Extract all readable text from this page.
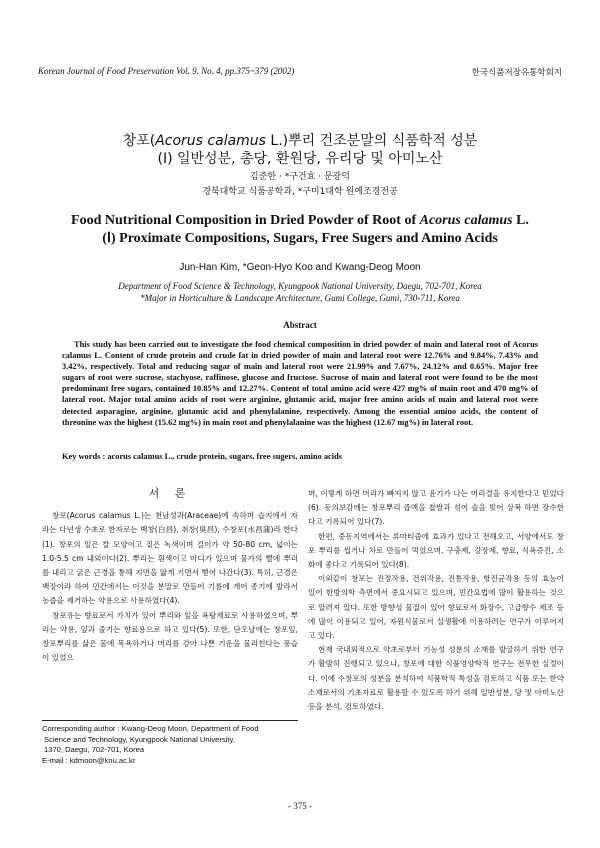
Korean Journal of Food Preservation Vol. 9. No. 4, pp.375~379 (2002)	한국식품저장유통학회지
창포(Acorus calamus L.)뿌리 건조분말의 식품학적 성분
(Ⅰ) 일반성분, 총당, 환원당, 유리당 및 아미노산
김준한 · *구건효 · 문광덕
경북대학교 식품공학과, *구미1대학 원예조경전공
Food Nutritional Composition in Dried Powder of Root of Acorus calamus L.
(Ⅰ) Proximate Compositions, Sugars, Free Sugers and Amino Acids
Jun-Han Kim, *Geon-Hyo Koo and Kwang-Deog Moon
Department of Food Science & Technology, Kyungpook National University, Daegu, 702-701, Korea
*Major in Horticulture & Landscape Architecture, Gumi College, Gumi, 730-711, Korea
Abstract
This study has been carried out to investigate the food chemical composition in dried powder of main and lateral root of Acorus calamus L. Content of crude protein and crude fat in dried powder of main and lateral root were 12.76% and 9.84%, 7.43% and 3.42%, respectively. Total and reducing sugar of main and lateral root were 21.99% and 7.67%, 24.12% and 0.65%. Major free sugars of root were sucrose, stachyose, raffinose, glucose and fructose. Sucrose of main and lateral root were found to be the most predominant free sugars, contained 10.85% and 12.27%. Content of total amino acid were 427 mg% of main root and 470 mg% of lateral root. Major total amino acids of root were arginine, glutamic acid, major free amino acids of main and lateral root were detected asparagine, arginine, glutamic acid and phenylalanine, respectively. Among the essential amino acids, the content of threonine was the highest (15.62 mg%) in main root and phenylalanine was the highest (12.67 mg%) in lateral root.
Key words : acorus calamus L., crude protein, sugars, free sugers, amino acids
서 론

창포(Acorus calamus L.)는 천남성과(Araceae)에 속하며 습지에서 자라는 다년생 수초로 한자로는 백창(白昌), 취창(臭昌), 수창포(水昌蒲)라 한다(1). 창포의 잎은 칼 모양이고 짙은 녹색이며 길이가 약 50-80 cm, 넓이는 1.0-5.5 cm 내외이다(2). 뿌리는 흰색이고 마디가 있으며 물가의 뻘에 뿌리를 내리고 굵은 근경을 통해 지면을 앓게 기면서 뻗어 나간다(3). 특히, 근경은 백장이라 하여 민간에서는 이것을 분말로 만들어 기름에 개어 종기에 발라서 농즙을 제거하는 약용으로 사용하였다(4).

창포유는 향료로서 가치가 있어 뿌리와 잎을 욕탕재료로 사용하였으며, 뿌리는 약용, 잎과 줄기는 향료용으로 하고 있다(5). 또한, 단오날에는 창포잎, 창포뿌리를 삶은 물에 목욕하거나 머리를 감아 나쁜 기운을 물리친다는 풍습이 있었으

Corresponding author : Kwang-Deog Moon, Department of Food
Science and Technology, Kyungpook National University,
1370, Daegu, 702-701, Korea
E-mail : kdmoon@knu.ac.kr

며, 이렇게 하면 머리가 빠지지 않고 윤기가 나는 머리결을 유지한다고 믿었다(6). 동의보감에는 창포뿌리 즙액을 찹쌀과 섞어 술을 빚어 상복 하면 장수한다고 기록되어 있다(7).

한편, 중동지역에서는 류마티즘에 효과가 있다고 전해오고, 서양에서도 창포 뿌리를 씹거나 차로 만들어 먹었으며, 구충제, 강장제, 향료, 식욕증진, 소화에 좋다고 기록되어 있다(8).

이외같이 창포는 진정작용, 건위작용, 진통작용, 항진균작용 등의 효능이 있어 한방의학 측면에서 중요시되고 있으며, 민간요법에 많이 활용하는 것으로 알려져 있다. 또한 방향성 물질이 있어 향료로서 화장수, 고급향수 제조 등에 많이 이용되고 있어, 자원식물로서 실생활에 이용하려는 연구가 이루어지고 있다.

현재 국내외적으로 약초로부터 기능성 성분의 소재를 발굴하기 위한 연구가 활발히 진행되고 있으나, 창포에 대한 식품영양학적 연구는 전무한 실정이다. 이에 수창포의 성분을 분석하여 식품학적 특성을 검토하고 식품 또는 한약소재로서의 기초자료로 활용할 수 있도록 하기 위해 일반성분, 당 및 아미노산 등을 분석, 검토하였다.

- 375 -
